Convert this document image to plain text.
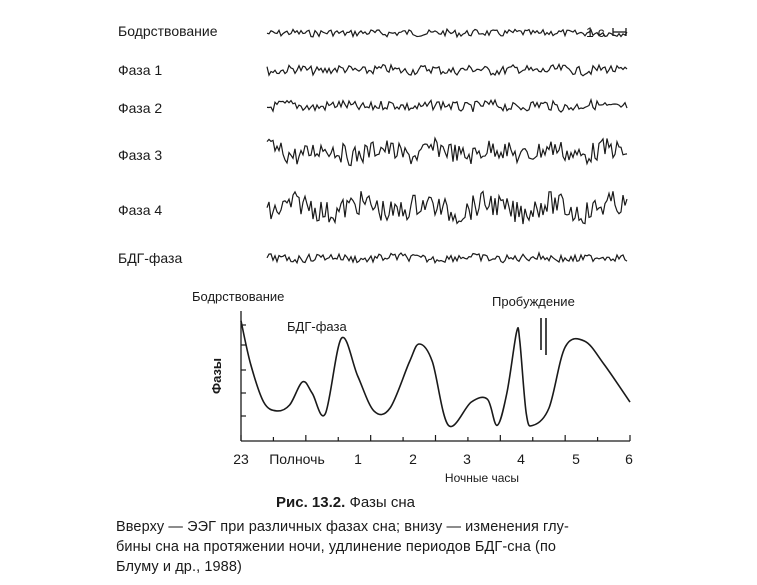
Бодрствование
Фаза 1
Фаза 2
Фаза 3
Фаза 4
БДГ-фаза
1 с
Фазы
Ночные часы
Бодрствование
БДГ-фаза
Пробуждение
23 Полночь 1	2	3	4	5	6
Рис. 13.2. Фазы сна
Вверху — ЭЭГ при различных фазах сна; внизу — изменения глу-
бины сна на протяжении ночи, удлинение периодов БДГ-сна (по
Блуму и др., 1988)
